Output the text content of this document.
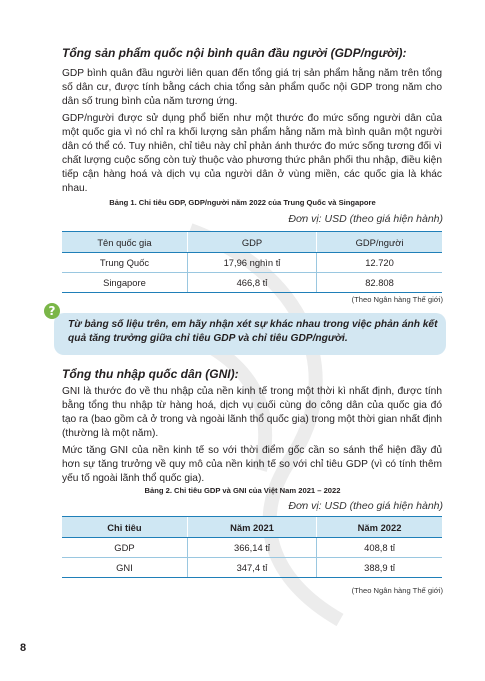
Tổng sản phẩm quốc nội bình quân đầu người (GDP/người):

GDP bình quân đầu người liên quan đến tổng giá trị sản phẩm hằng năm trên tổng số dân cư, được tính bằng cách chia tổng sản phẩm quốc nội GDP trong năm cho dân số trung bình của năm tương ứng.

GDP/người được sử dụng phổ biến như một thước đo mức sống người dân của một quốc gia vì nó chỉ ra khối lượng sản phẩm hằng năm mà bình quân một người dân có thể có. Tuy nhiên, chỉ tiêu này chỉ phản ánh thước đo mức sống tương đối vì chất lượng cuộc sống còn tuỳ thuộc vào phương thức phân phối thu nhập, điều kiện tiếp cận hàng hoá và dịch vụ của người dân ở vùng miền, các quốc gia là khác nhau.

Bảng 1. Chỉ tiêu GDP, GDP/người năm 2022 của Trung Quốc và Singapore
Đơn vị: USD (theo giá hiện hành)
Tên quốc gia	GDP	GDP/người
Trung Quốc	17,96 nghìn tỉ	12.720
Singapore	466,8 tỉ	82.808
(Theo Ngân hàng Thế giới)
?
Từ bảng số liệu trên, em hãy nhận xét sự khác nhau trong việc phản ánh kết quả tăng trưởng giữa chỉ tiêu GDP và chỉ tiêu GDP/người.
Tổng thu nhập quốc dân (GNI):

GNI là thước đo về thu nhập của nền kinh tế trong một thời kì nhất định, được tính bằng tổng thu nhập từ hàng hoá, dịch vụ cuối cùng do công dân của quốc gia đó tạo ra (bao gồm cả ở trong và ngoài lãnh thổ quốc gia) trong một thời gian nhất định (thường là một năm).

Mức tăng GNI của nền kinh tế so với thời điểm gốc cần so sánh thể hiện đầy đủ hơn sự tăng trưởng về quy mô của nền kinh tế so với chỉ tiêu GDP (vì có tính thêm yếu tố ngoài lãnh thổ quốc gia).

Bảng 2. Chỉ tiêu GDP và GNI của Việt Nam 2021 – 2022
Đơn vị: USD (theo giá hiện hành)
Chỉ tiêu	Năm 2021	Năm 2022
GDP	366,14 tỉ	408,8 tỉ
GNI	347,4 tỉ	388,9 tỉ
(Theo Ngân hàng Thế giới)
8
